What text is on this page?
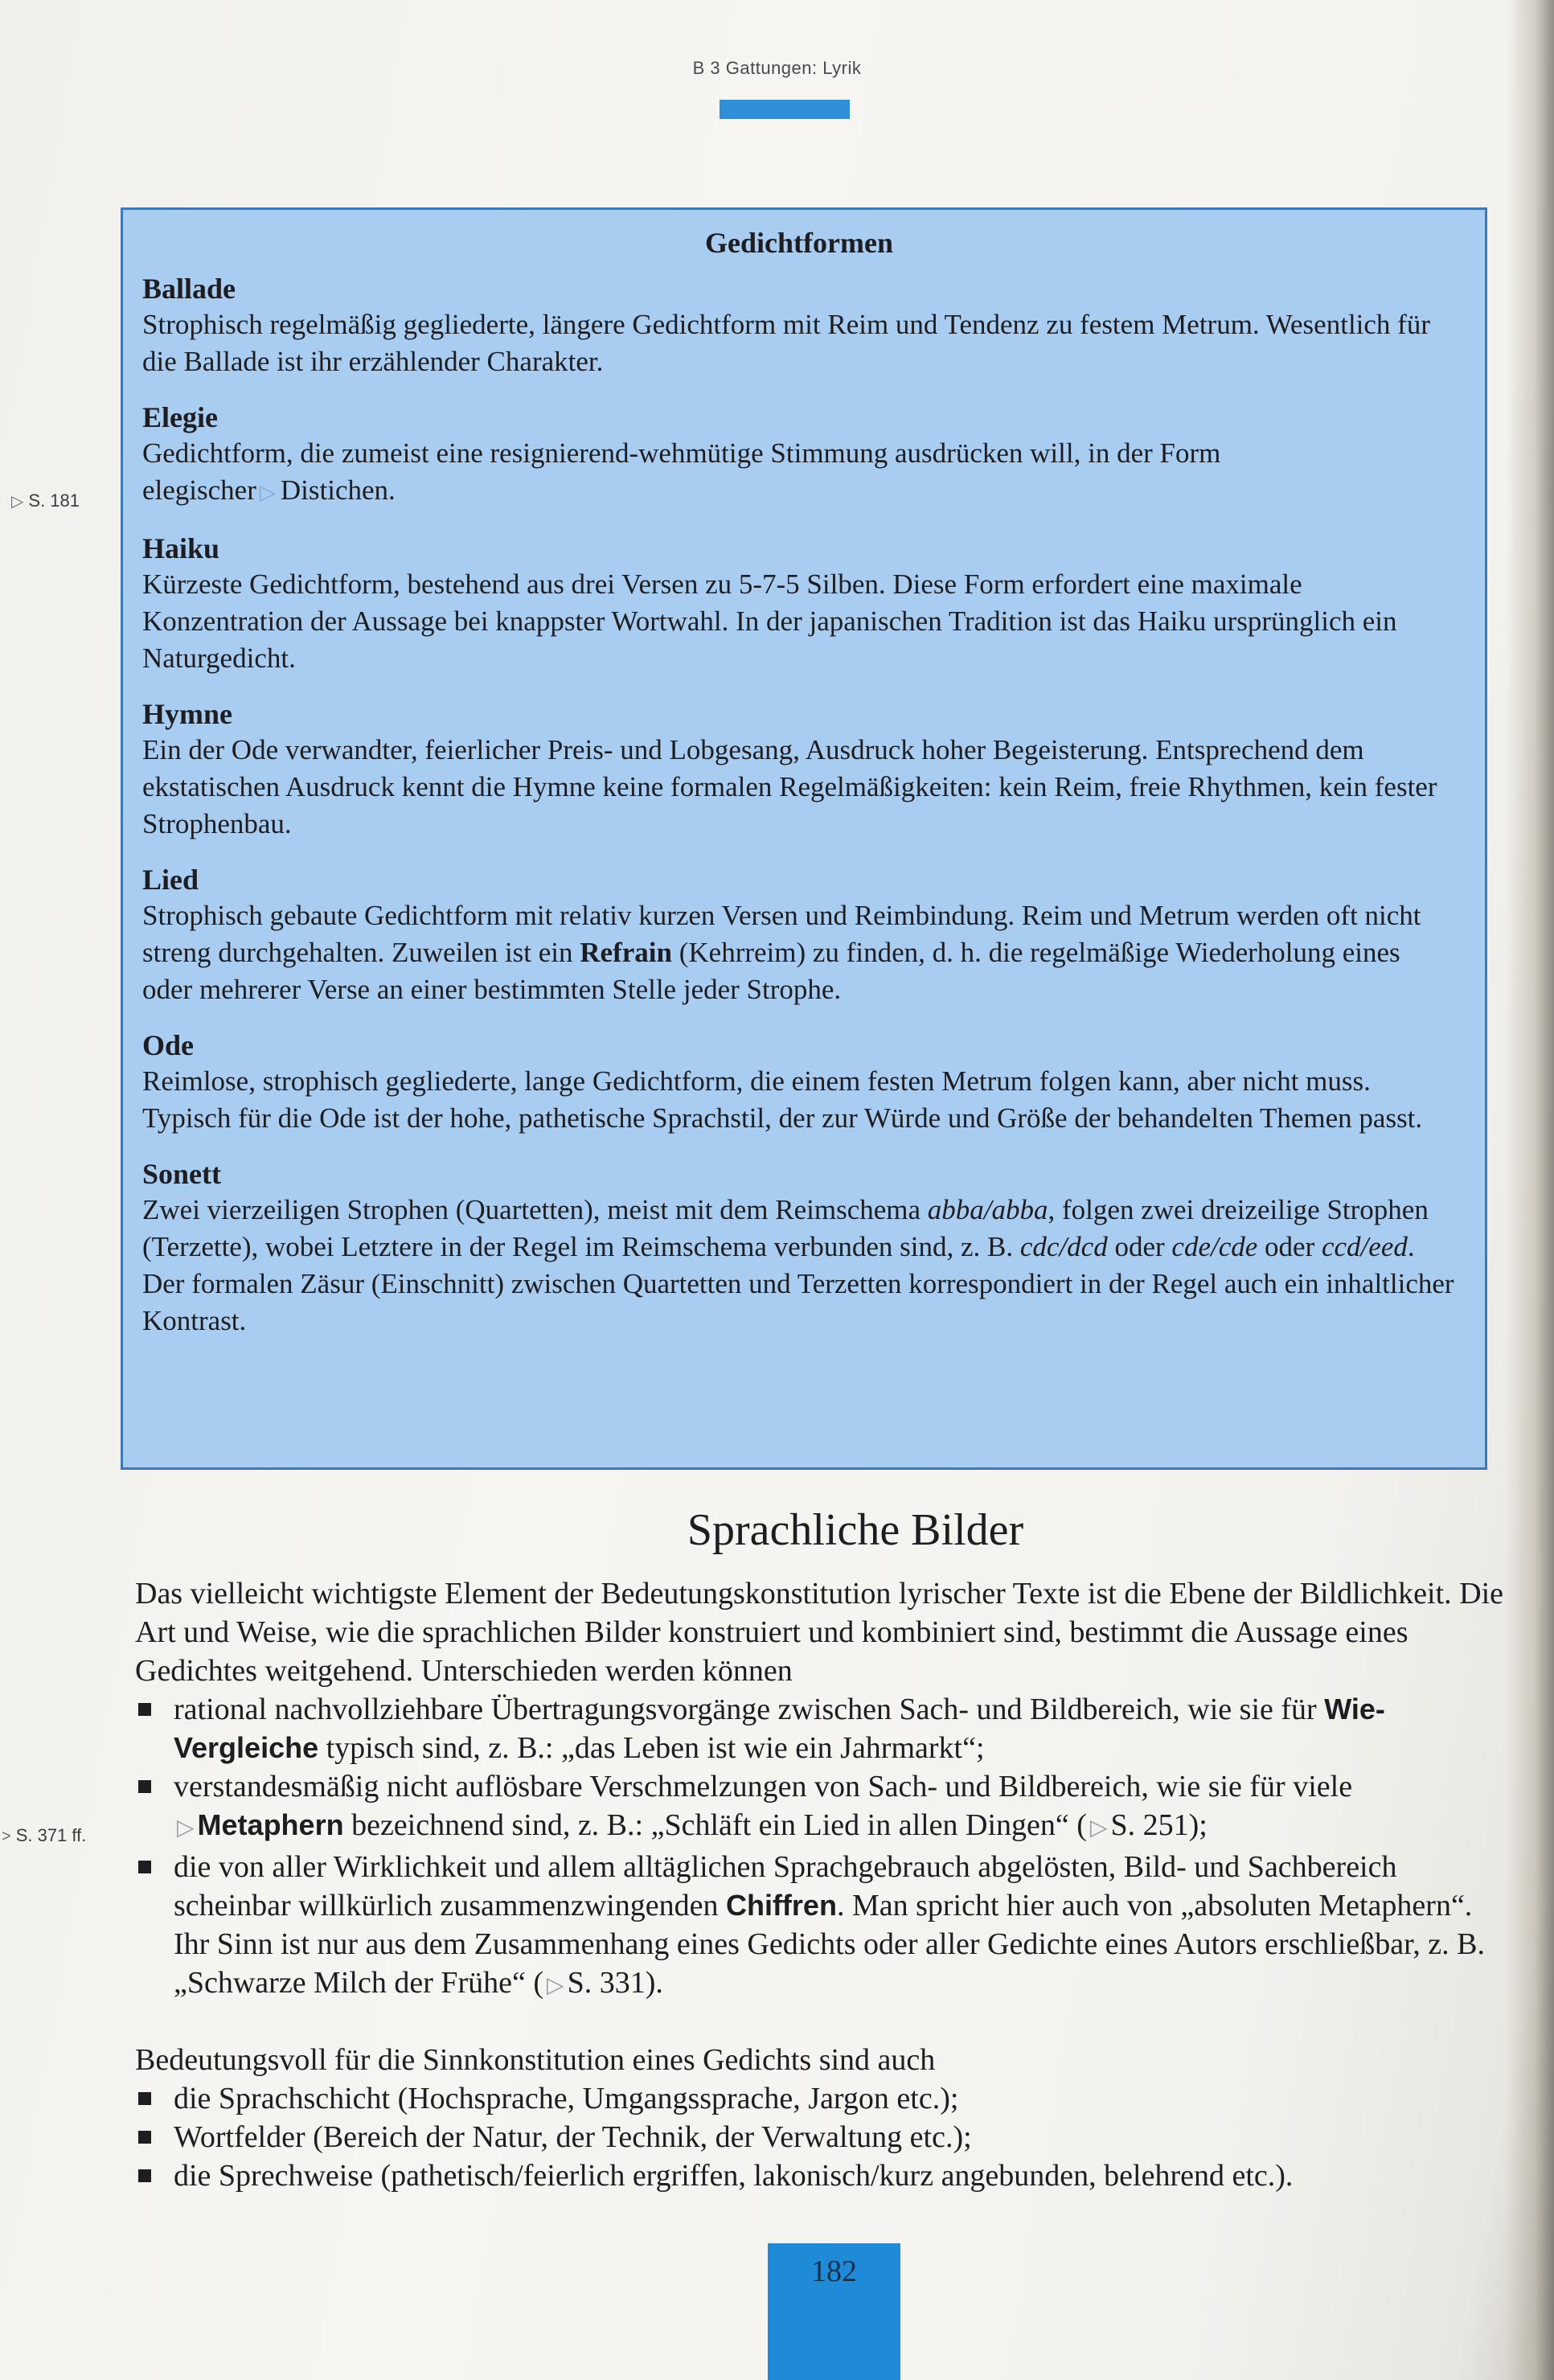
B 3 Gattungen: Lyrik
▷ S. 181
> S. 371 ff.
Gedichtformen
Ballade
Strophisch regelmäßig gegliederte, längere Gedichtform mit Reim und Tendenz zu festem Metrum. Wesentlich für die Ballade ist ihr erzählender Charakter.
Elegie
Gedichtform, die zumeist eine resignierend-wehmütige Stimmung ausdrücken will, in der Form elegischer ▷ Distichen.
Haiku
Kürzeste Gedichtform, bestehend aus drei Versen zu 5-7-5 Silben. Diese Form erfordert eine maximale Konzentration der Aussage bei knappster Wortwahl. In der japanischen Tradition ist das Haiku ursprünglich ein Naturgedicht.
Hymne
Ein der Ode verwandter, feierlicher Preis- und Lobgesang, Ausdruck hoher Begeisterung. Entsprechend dem ekstatischen Ausdruck kennt die Hymne keine formalen Regelmäßigkeiten: kein Reim, freie Rhythmen, kein fester Strophenbau.
Lied
Strophisch gebaute Gedichtform mit relativ kurzen Versen und Reimbindung. Reim und Metrum werden oft nicht streng durchgehalten. Zuweilen ist ein Refrain (Kehrreim) zu finden, d. h. die regelmäßige Wiederholung eines oder mehrerer Verse an einer bestimmten Stelle jeder Strophe.
Ode
Reimlose, strophisch gegliederte, lange Gedichtform, die einem festen Metrum folgen kann, aber nicht muss. Typisch für die Ode ist der hohe, pathetische Sprachstil, der zur Würde und Größe der behandelten Themen passt.
Sonett
Zwei vierzeiligen Strophen (Quartetten), meist mit dem Reimschema abba/abba, folgen zwei dreizeilige Strophen (Terzette), wobei Letztere in der Regel im Reimschema verbunden sind, z. B. cdc/dcd oder cde/cde oder ccd/eed. Der formalen Zäsur (Einschnitt) zwischen Quartetten und Terzetten korrespondiert in der Regel auch ein inhaltlicher Kontrast.
Sprachliche Bilder

Das vielleicht wichtigste Element der Bedeutungskonstitution lyrischer Texte ist die Ebene der Bildlichkeit. Die Art und Weise, wie die sprachlichen Bilder konstruiert und kombiniert sind, bestimmt die Aussage eines Gedichtes weitgehend. Unterschieden werden können

rational nachvollziehbare Übertragungsvorgänge zwischen Sach- und Bildbereich, wie sie für Wie-Vergleiche typisch sind, z. B.: „das Leben ist wie ein Jahrmarkt“;
verstandesmäßig nicht auflösbare Verschmelzungen von Sach- und Bildbereich, wie sie für viele ▷ Metaphern bezeichnend sind, z. B.: „Schläft ein Lied in allen Dingen“ ( ▷ S. 251);
die von aller Wirklichkeit und allem alltäglichen Sprachgebrauch abgelösten, Bild- und Sachbereich scheinbar willkürlich zusammenzwingenden Chiffren. Man spricht hier auch von „absoluten Metaphern“. Ihr Sinn ist nur aus dem Zusammenhang eines Gedichts oder aller Gedichte eines Autors erschließbar, z. B. „Schwarze Milch der Frühe“ ( ▷ S. 331).

Bedeutungsvoll für die Sinnkonstitution eines Gedichts sind auch

die Sprachschicht (Hochsprache, Umgangssprache, Jargon etc.);
Wortfelder (Bereich der Natur, der Technik, der Verwaltung etc.);
die Sprechweise (pathetisch/feierlich ergriffen, lakonisch/kurz angebunden, belehrend etc.).
182
